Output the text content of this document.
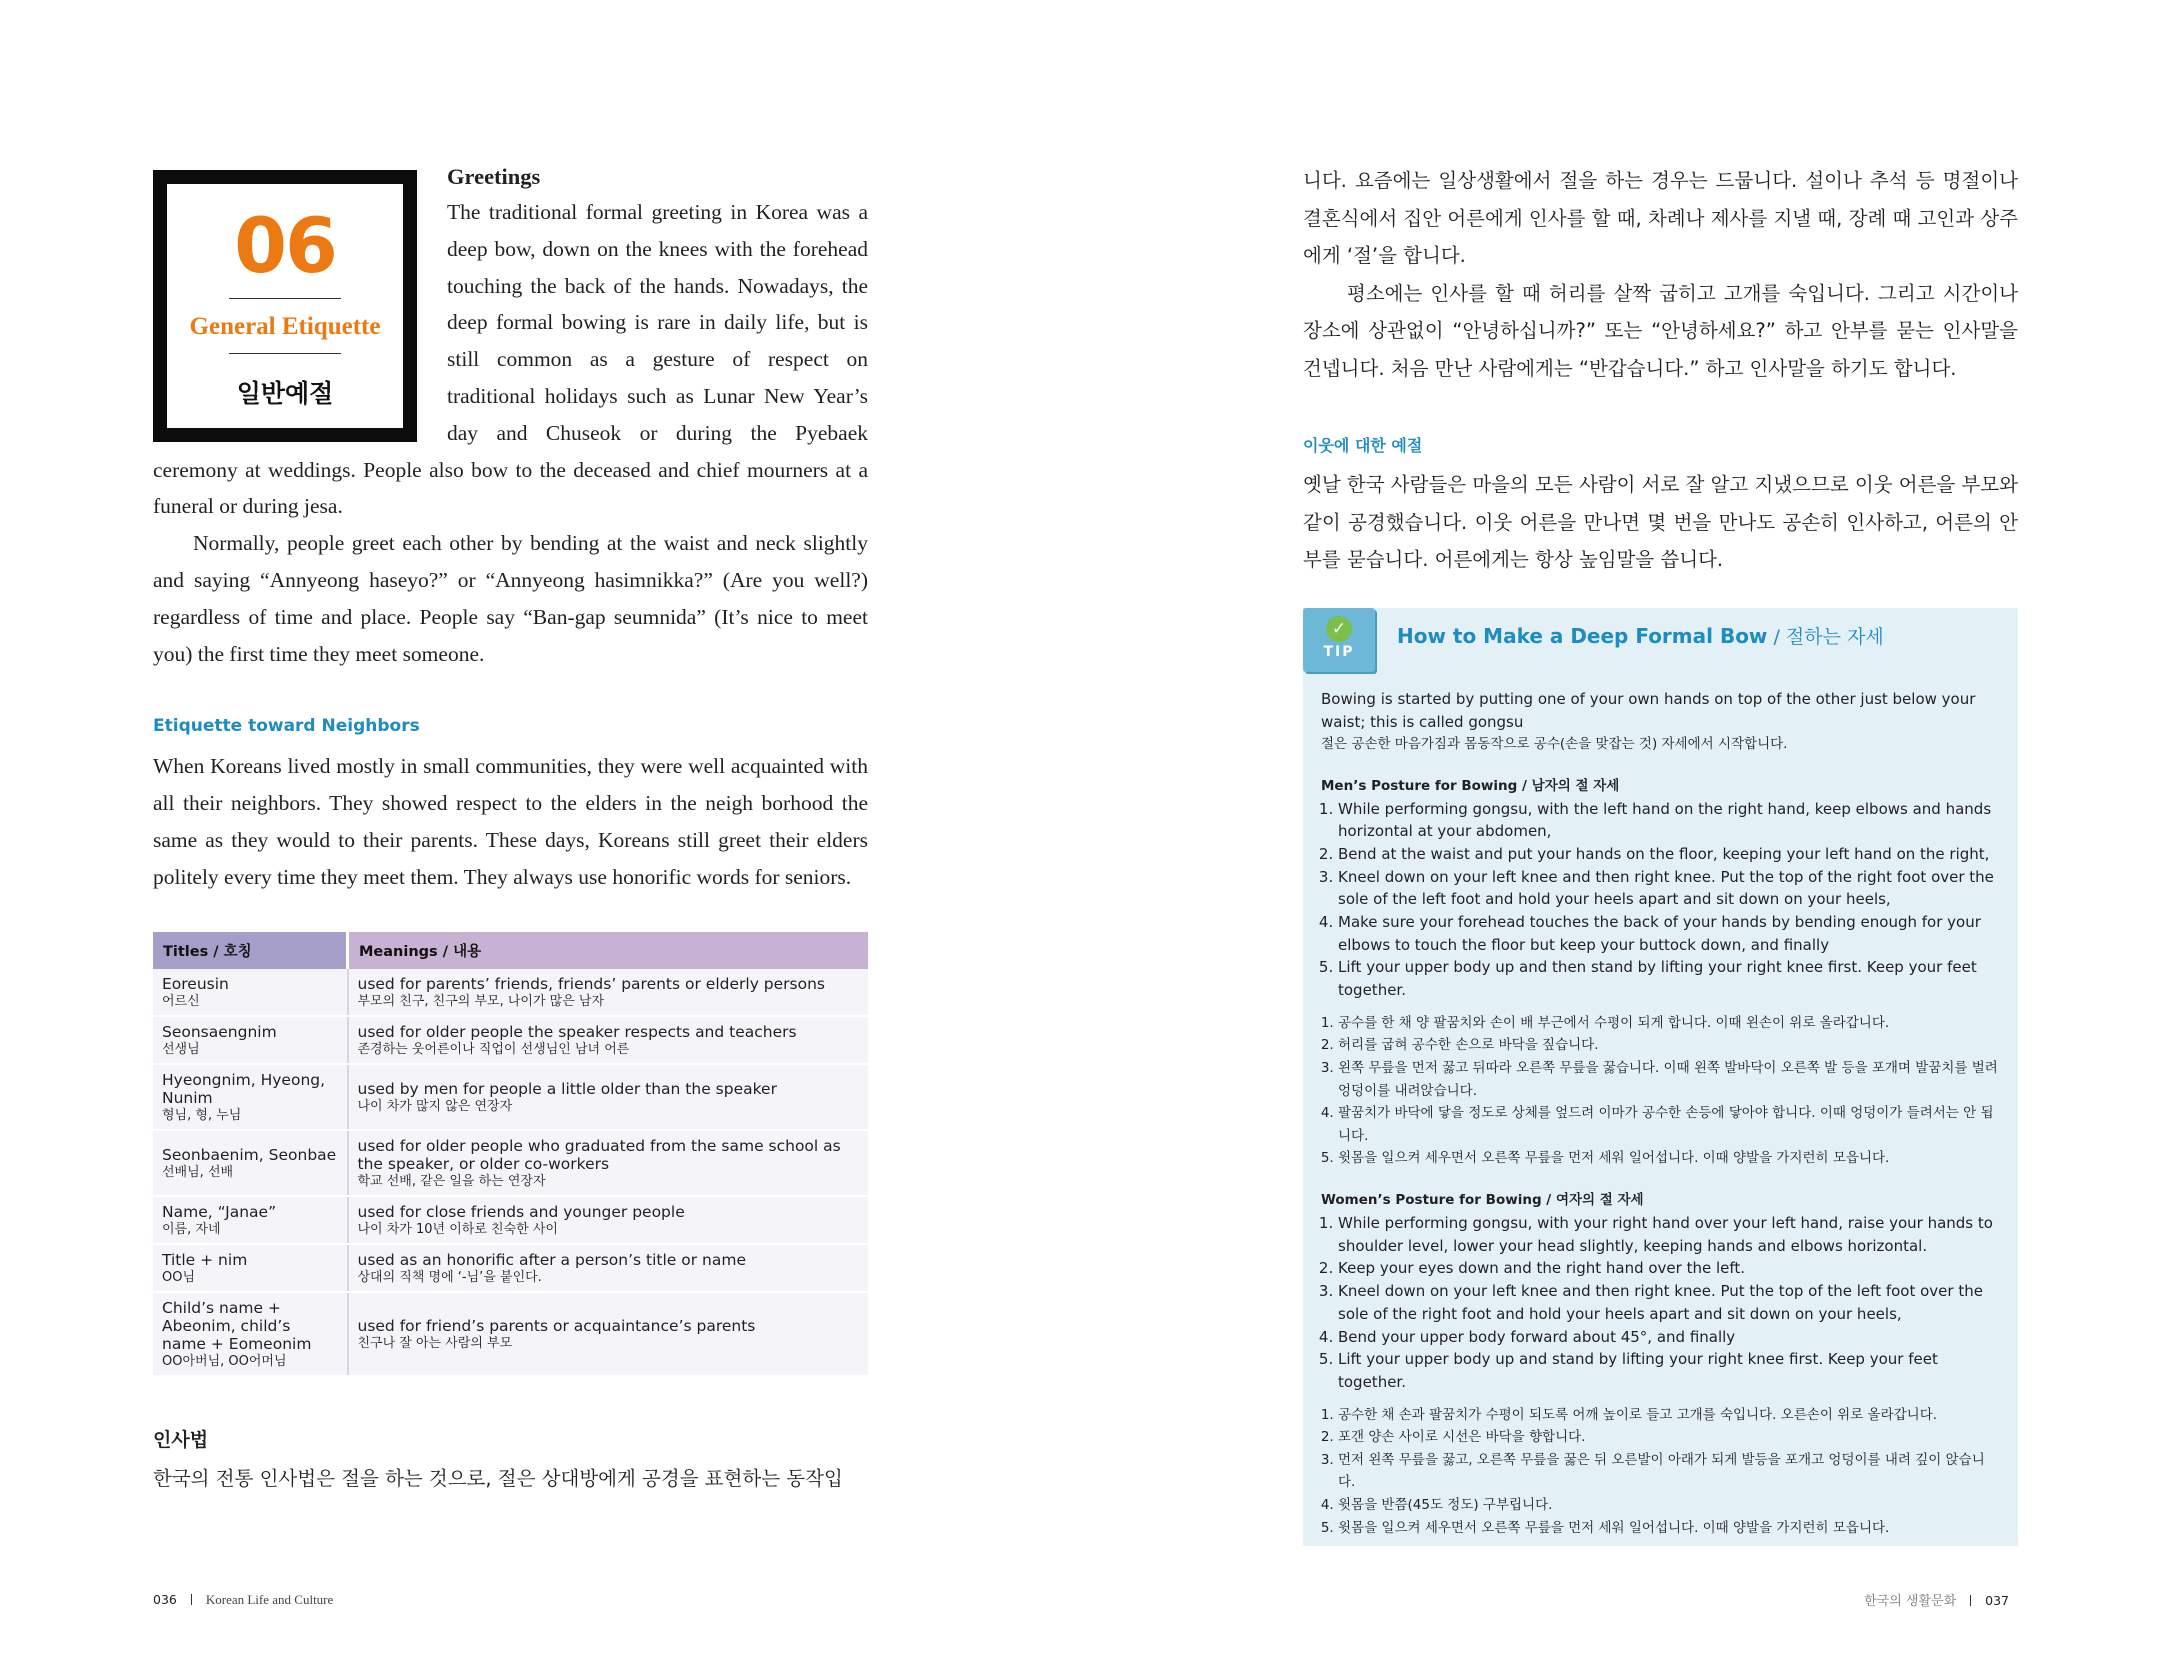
06
General Etiquette
일반예절
Greetings

The traditional formal greeting in Korea was a deep bow, down on the knees with the forehead touching the back of the hands. Nowadays, the deep formal bowing is rare in daily life, but is still common as a gesture of respect on traditional holidays such as Lunar New Year’s day and Chuseok or during the Pyebaek ceremony at weddings. People also bow to the deceased and chief mourners at a funeral or during jesa.

Normally, people greet each other by bending at the waist and neck slightly and saying “Annyeong haseyo?” or “Annyeong hasimnikka?” (Are you well?) regardless of time and place. People say “Ban-gap seumnida” (It’s nice to meet you) the first time they meet someone.

Etiquette toward Neighbors

When Koreans lived mostly in small communities, they were well acquainted with all their neighbors. They showed respect to the elders in the neigh borhood the same as they would to their parents. These days, Koreans still greet their elders politely every time they meet them. They always use honorific words for seniors.

Titles / 호칭	Meanings / 내용

Eoreusin
어르신	used for parents’ friends, friends’ parents or elderly persons
부모의 친구, 친구의 부모, 나이가 많은 남자

Seonsaengnim
선생님	used for older people the speaker respects and teachers
존경하는 웃어른이나 직업이 선생님인 남녀 어른

Hyeongnim, Hyeong, Nunim
형님, 형, 누님	used by men for people a little older than the speaker
나이 차가 많지 않은 연장자

Seonbaenim, Seonbae
선배님, 선배	used for older people who graduated from the same school as the speaker, or older co-workers
학교 선배, 같은 일을 하는 연장자

Name, “Janae”
이름, 자네	used for close friends and younger people
나이 차가 10년 이하로 친숙한 사이

Title + nim
OO님	used as an honorific after a person’s title or name
상대의 직책 명에 ‘-님’을 붙인다.

Child’s name + Abeonim, child’s name + Eomeonim
OO아버님, OO어머님	used for friend’s parents or acquaintance’s parents
친구나 잘 아는 사람의 부모
인사법

한국의 전통 인사법은 절을 하는 것으로, 절은 상대방에게 공경을 표현하는 동작입

036 Korean Life and Culture

니다. 요즘에는 일상생활에서 절을 하는 경우는 드뭅니다. 설이나 추석 등 명절이나 결혼식에서 집안 어른에게 인사를 할 때, 차례나 제사를 지낼 때, 장례 때 고인과 상주에게 ‘절’을 합니다.

평소에는 인사를 할 때 허리를 살짝 굽히고 고개를 숙입니다. 그리고 시간이나 장소에 상관없이 “안녕하십니까?” 또는 “안녕하세요?” 하고 안부를 묻는 인사말을 건넵니다. 처음 만난 사람에게는 “반갑습니다.” 하고 인사말을 하기도 합니다.

이웃에 대한 예절

옛날 한국 사람들은 마을의 모든 사람이 서로 잘 알고 지냈으므로 이웃 어른을 부모와 같이 공경했습니다. 이웃 어른을 만나면 몇 번을 만나도 공손히 인사하고, 어른의 안부를 묻습니다. 어른에게는 항상 높임말을 씁니다.

✓
TIP
How to Make a Deep Formal Bow / 절하는 자세

Bowing is started by putting one of your own hands on top of the other just below your waist; this is called gongsu

절은 공손한 마음가짐과 몸동작으로 공수(손을 맞잡는 것) 자세에서 시작합니다.

Men’s Posture for Bowing / 남자의 절 자세
1. While performing gongsu, with the left hand on the right hand, keep elbows and hands horizontal at your abdomen,
2. Bend at the waist and put your hands on the floor, keeping your left hand on the right,
3. Kneel down on your left knee and then right knee. Put the top of the right foot over the sole of the left foot and hold your heels apart and sit down on your heels,
4. Make sure your forehead touches the back of your hands by bending enough for your elbows to touch the floor but keep your buttock down, and finally
5. Lift your upper body up and then stand by lifting your right knee first. Keep your feet together.
1. 공수를 한 채 양 팔꿈치와 손이 배 부근에서 수평이 되게 합니다. 이때 왼손이 위로 올라갑니다.
2. 허리를 굽혀 공수한 손으로 바닥을 짚습니다.
3. 왼쪽 무릎을 먼저 꿇고 뒤따라 오른쪽 무릎을 꿇습니다. 이때 왼쪽 발바닥이 오른쪽 발 등을 포개며 발꿈치를 벌려 엉덩이를 내려앉습니다.
4. 팔꿈치가 바닥에 닿을 정도로 상체를 엎드려 이마가 공수한 손등에 닿아야 합니다. 이때 엉덩이가 들려서는 안 됩니다.
5. 윗몸을 일으켜 세우면서 오른쪽 무릎을 먼저 세워 일어섭니다. 이때 양발을 가지런히 모읍니다.
Women’s Posture for Bowing / 여자의 절 자세
1. While performing gongsu, with your right hand over your left hand, raise your hands to shoulder level, lower your head slightly, keeping hands and elbows horizontal.
2. Keep your eyes down and the right hand over the left.
3. Kneel down on your left knee and then right knee. Put the top of the left foot over the sole of the right foot and hold your heels apart and sit down on your heels,
4. Bend your upper body forward about 45°, and finally
5. Lift your upper body up and stand by lifting your right knee first. Keep your feet together.
1. 공수한 채 손과 팔꿈치가 수평이 되도록 어깨 높이로 들고 고개를 숙입니다. 오른손이 위로 올라갑니다.
2. 포갠 양손 사이로 시선은 바닥을 향합니다.
3. 먼저 왼쪽 무릎을 꿇고, 오른쪽 무릎을 꿇은 뒤 오른발이 아래가 되게 발등을 포개고 엉덩이를 내려 깊이 앉습니다.
4. 윗몸을 반쯤(45도 정도) 구부립니다.
5. 윗몸을 일으켜 세우면서 오른쪽 무릎을 먼저 세워 일어섭니다. 이때 양발을 가지런히 모읍니다.
한국의 생활문화 037
